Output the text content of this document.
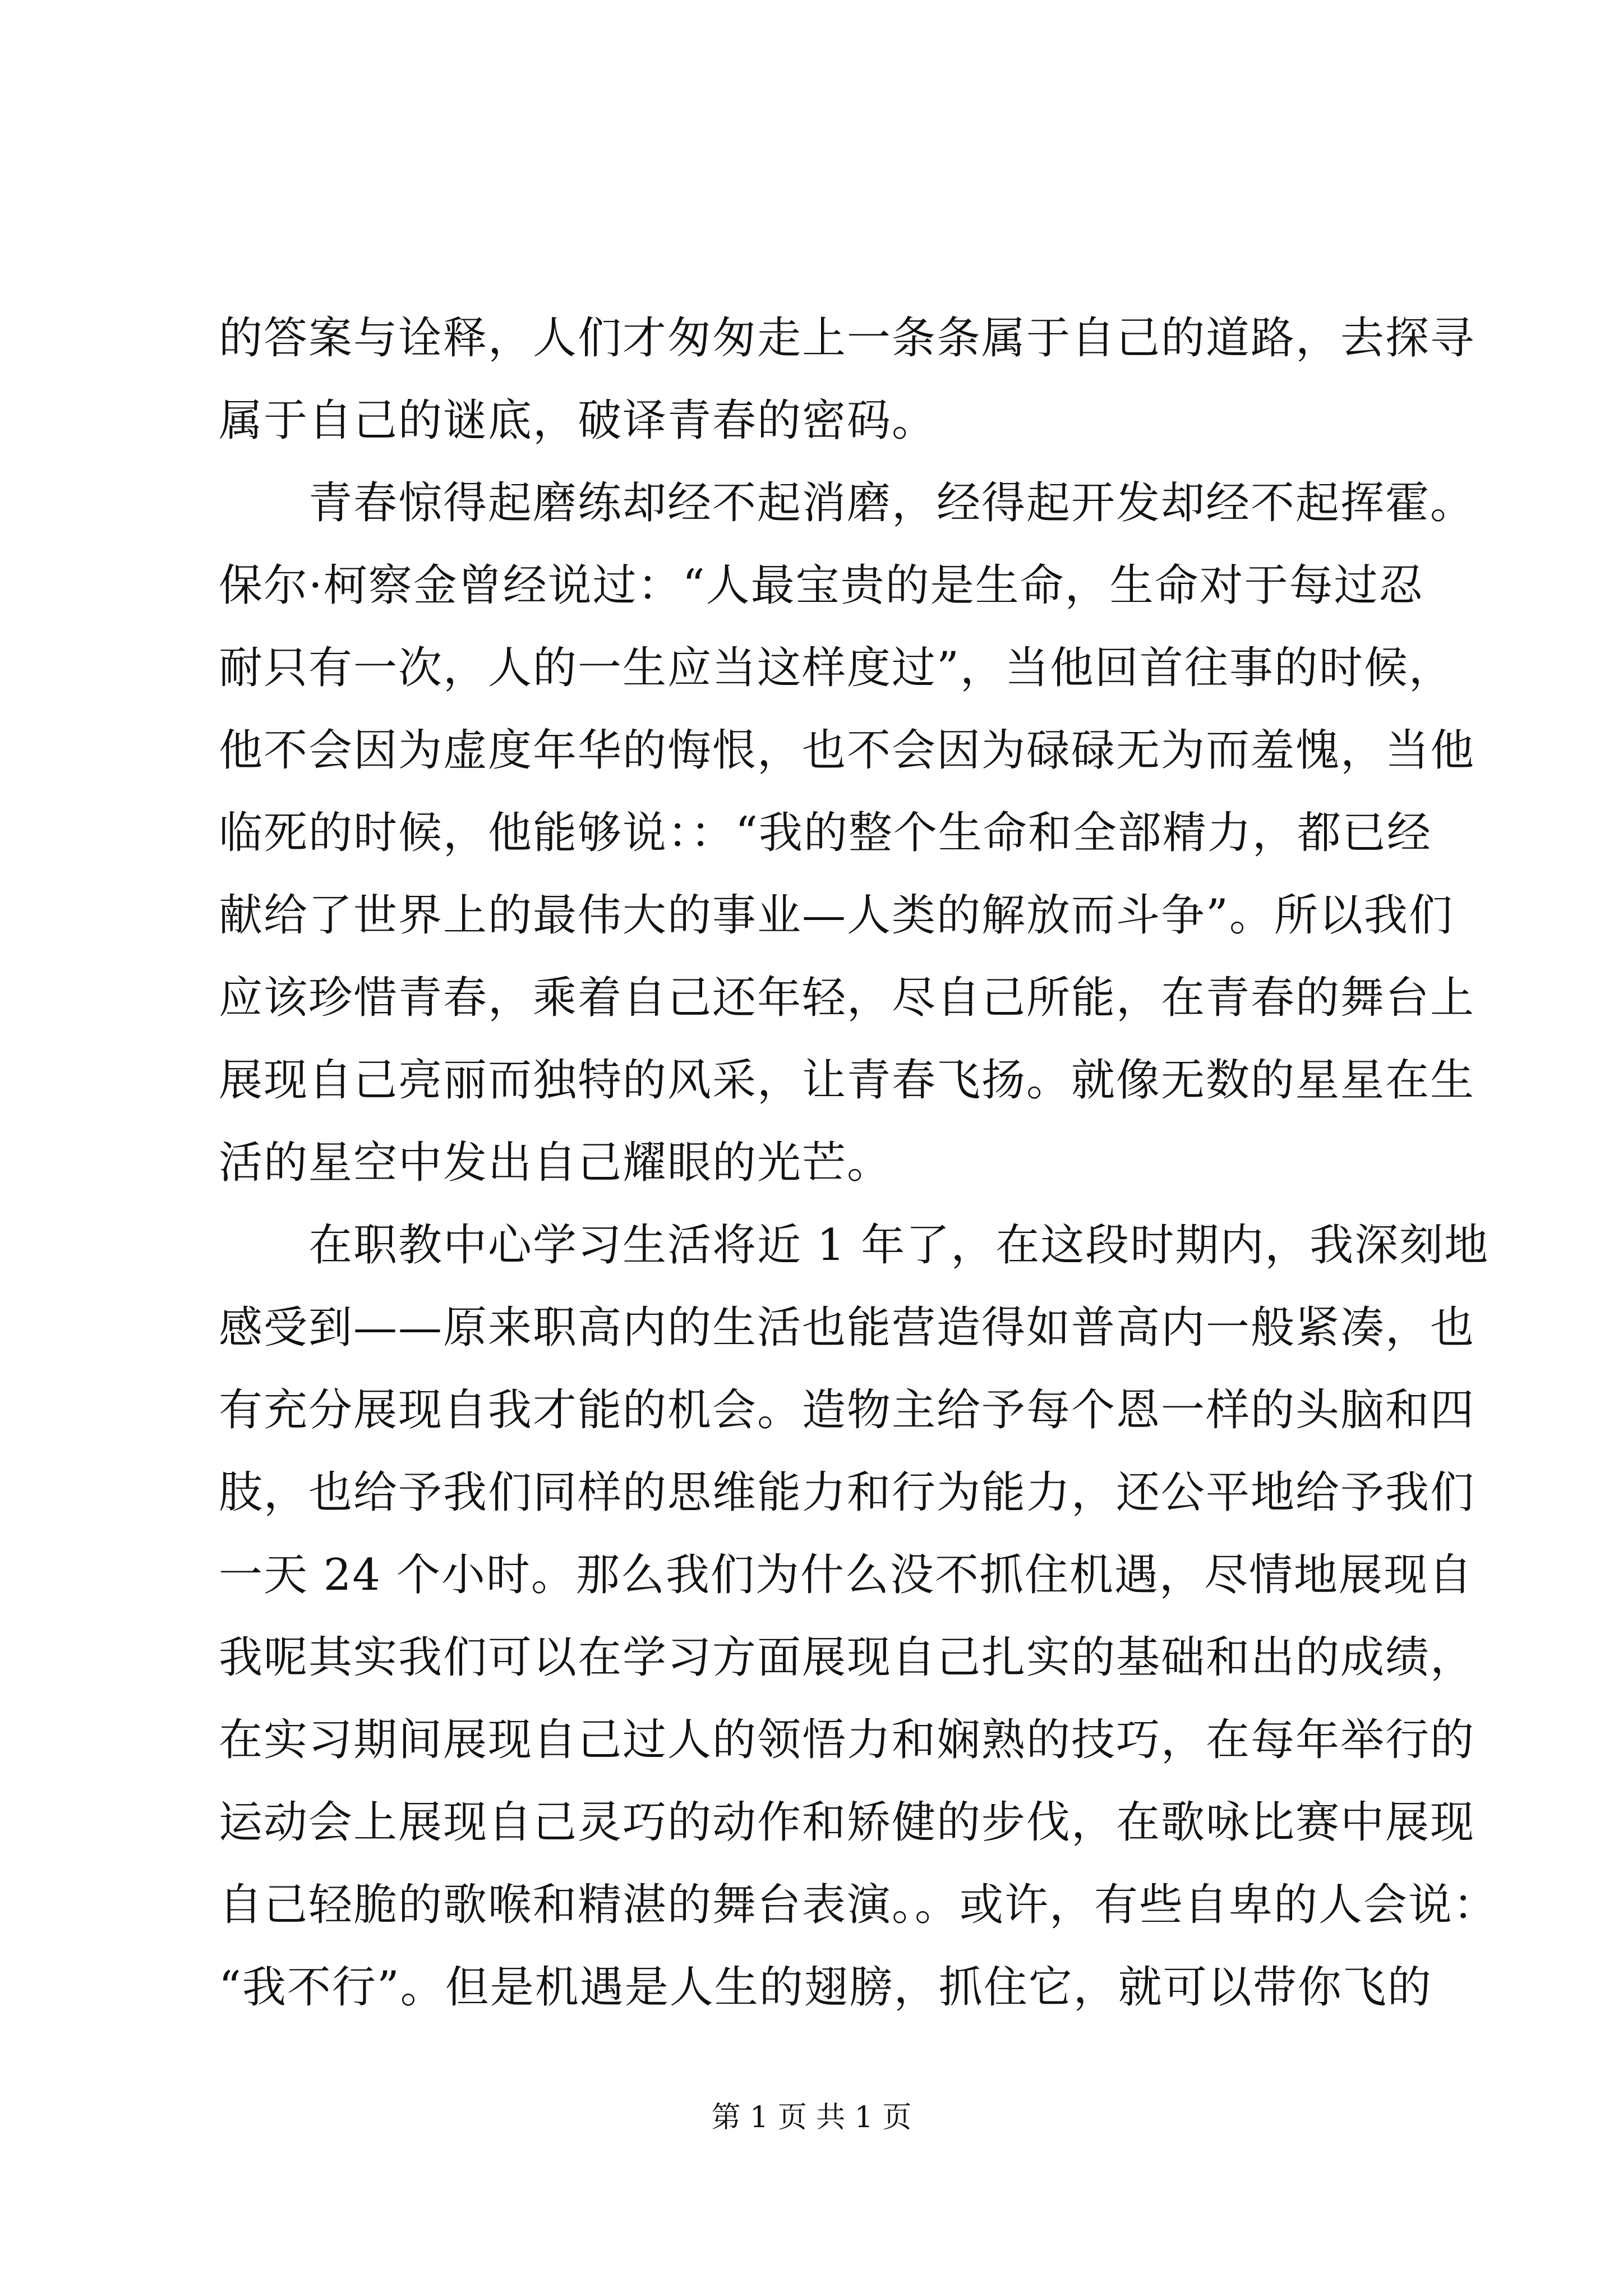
的答案与诠释，人们才匆匆走上一条条属于自己的道路，去探寻
属于自己的谜底，破译青春的密码。
　　青春惊得起磨练却经不起消磨，经得起开发却经不起挥霍。
保尔·柯察金曾经说过：“人最宝贵的是生命，生命对于每过忍
耐只有一次，人的一生应当这样度过”，当他回首往事的时候，
他不会因为虚度年华的悔恨，也不会因为碌碌无为而羞愧，当他
临死的时候，他能够说：：“我的整个生命和全部精力，都已经
献给了世界上的最伟大的事业—人类的解放而斗争”。所以我们
应该珍惜青春，乘着自己还年轻，尽自己所能，在青春的舞台上
展现自己亮丽而独特的风采，让青春飞扬。就像无数的星星在生
活的星空中发出自己耀眼的光芒。
　　在职教中心学习生活将近 1 年了，在这段时期内，我深刻地
感受到——原来职高内的生活也能营造得如普高内一般紧凑，也
有充分展现自我才能的机会。造物主给予每个恩一样的头脑和四
肢，也给予我们同样的思维能力和行为能力，还公平地给予我们
一天 24 个小时。那么我们为什么没不抓住机遇，尽情地展现自
我呢其实我们可以在学习方面展现自己扎实的基础和出的成绩，
在实习期间展现自己过人的领悟力和娴熟的技巧，在每年举行的
运动会上展现自己灵巧的动作和矫健的步伐，在歌咏比赛中展现
自己轻脆的歌喉和精湛的舞台表演。。或许，有些自卑的人会说：
“我不行”。但是机遇是人生的翅膀，抓住它，就可以带你飞的
第 1 页 共 1 页
